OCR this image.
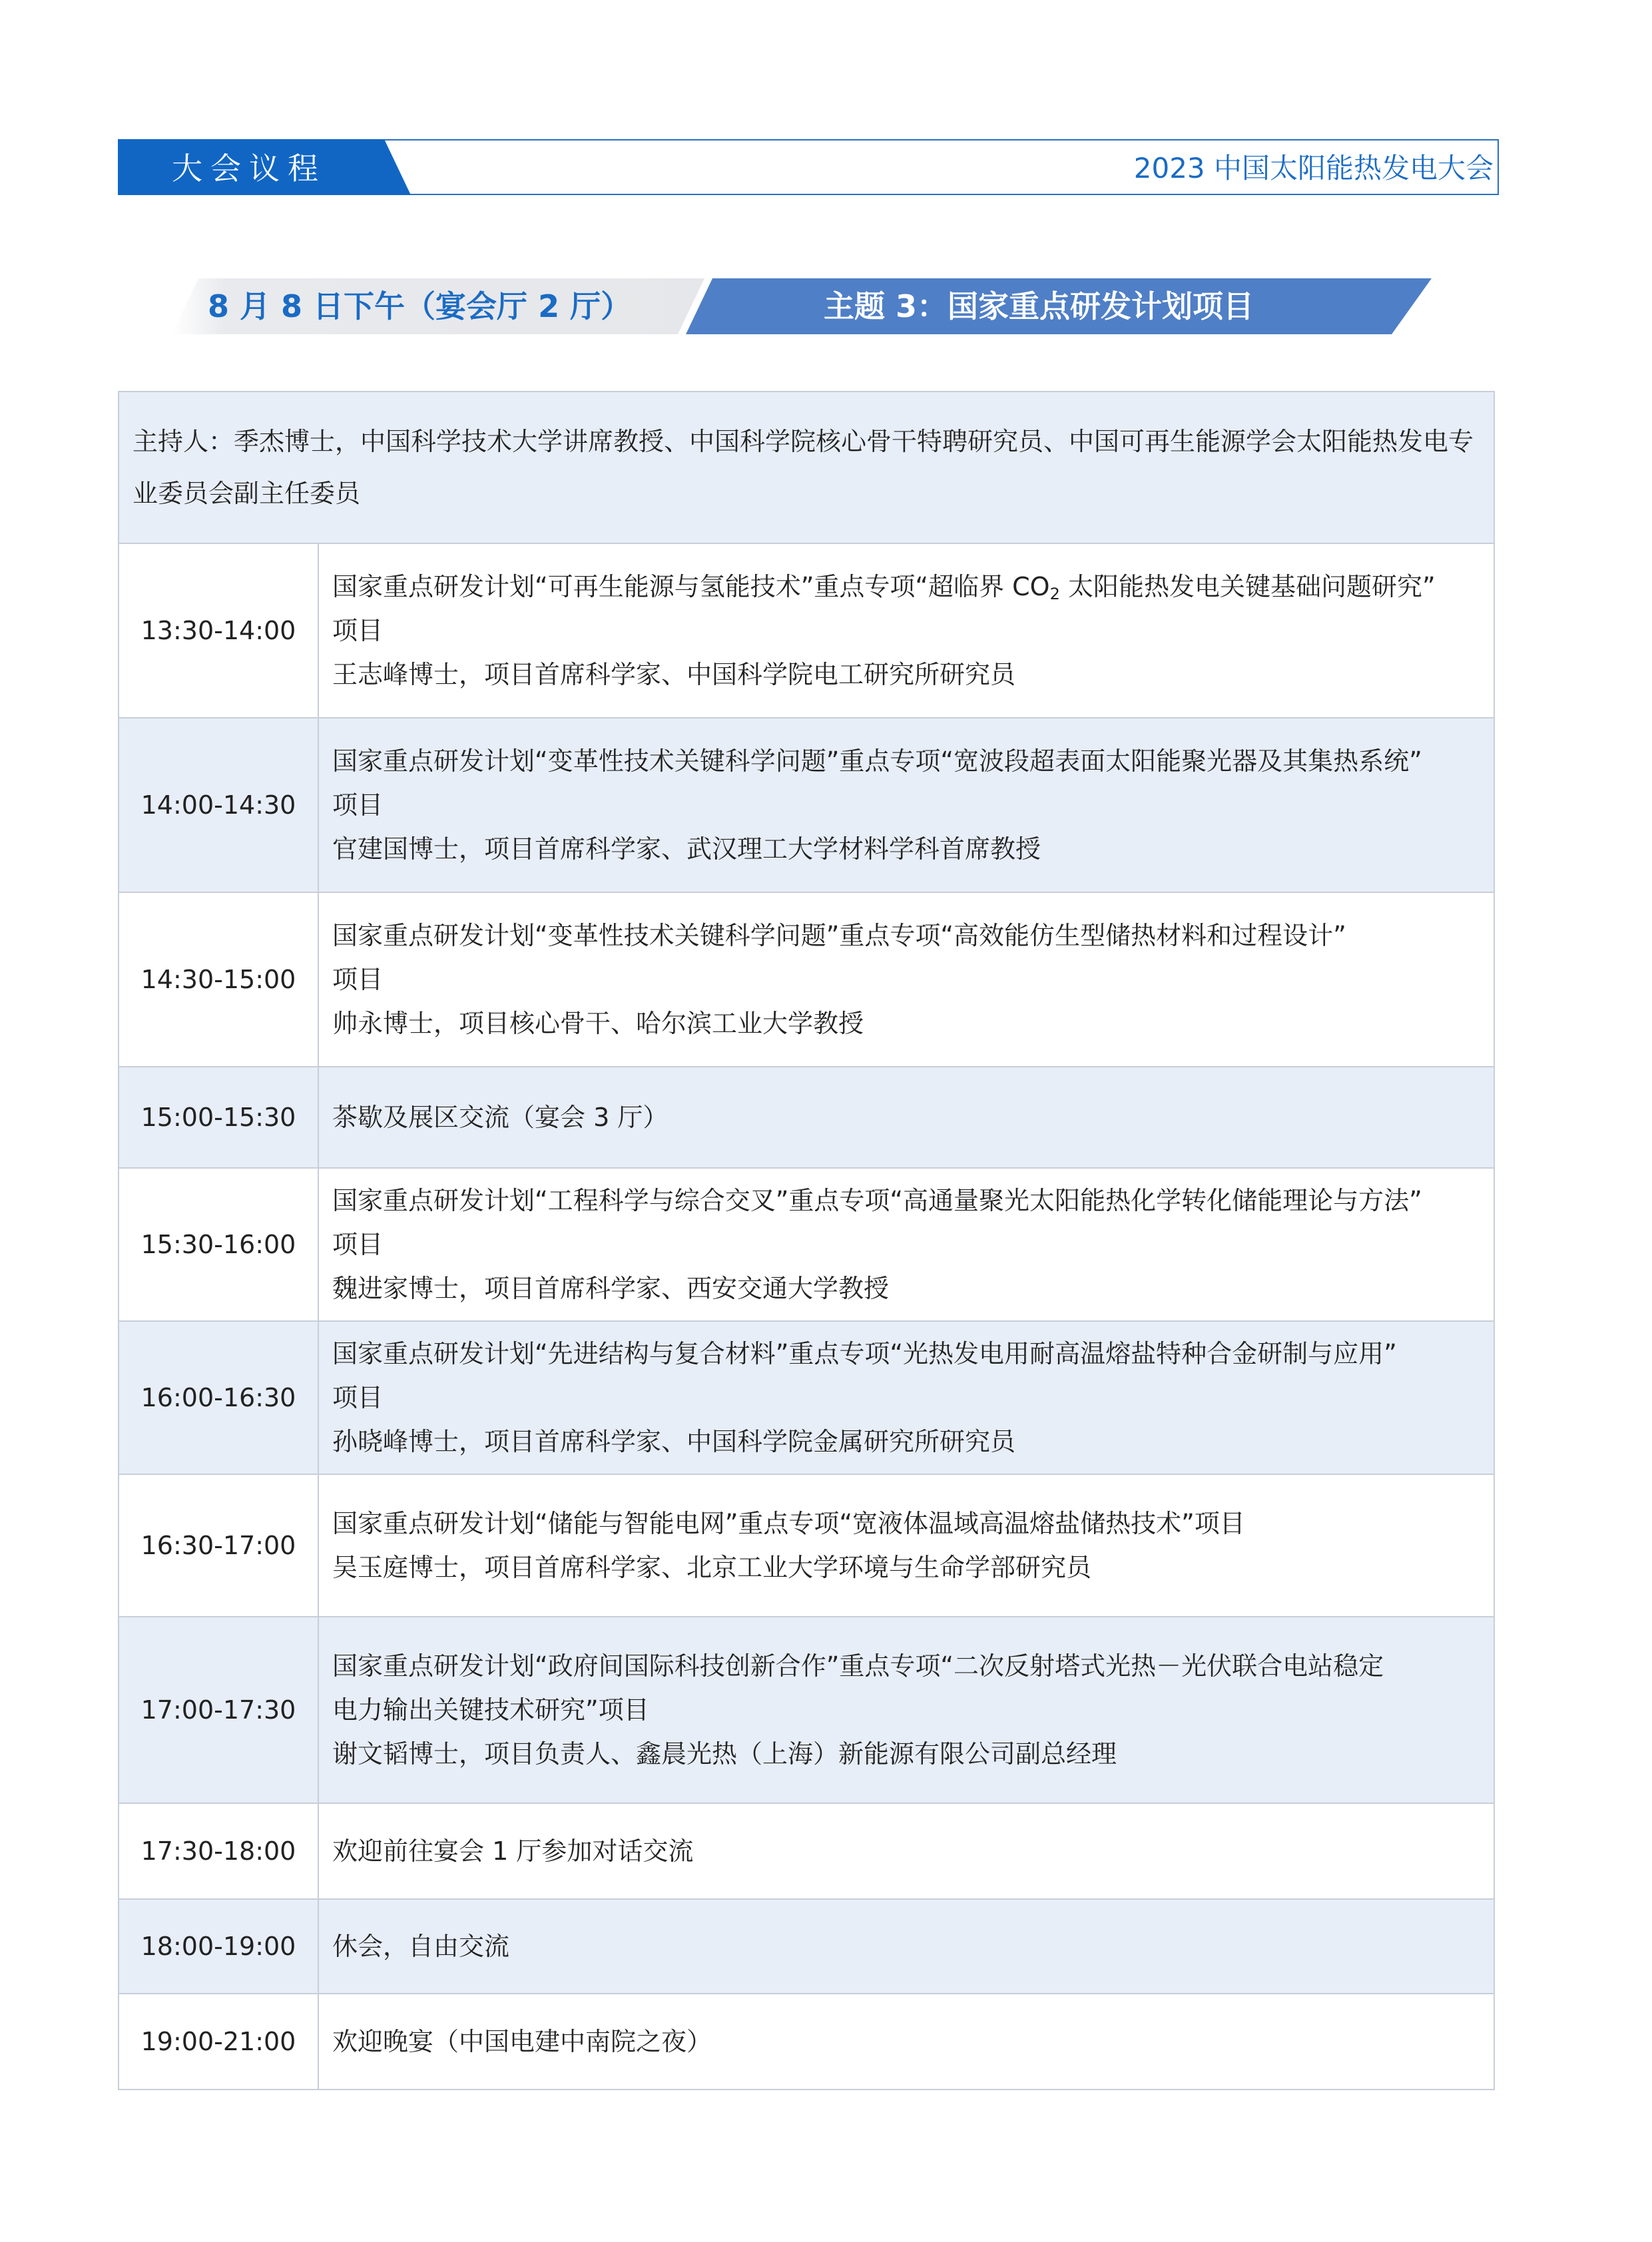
大会议程	2023 中国太阳能热发电大会
8 月 8 日下午（宴会厅 2 厅）	主题 3：国家重点研发计划项目
主持人：季杰博士，中国科学技术大学讲席教授、中国科学院核心骨干特聘研究员、中国可再生能源学会太阳能热发电专业委员会副主任委员	
13:30-14:00	国家重点研发计划“可再生能源与氢能技术”重点专项“超临界 $CO_2$ 太阳能热发电关键基础问题研究”
项目
王志峰博士，项目首席科学家、中国科学院电工研究所研究员

14:00-14:30	国家重点研发计划“变革性技术关键科学问题”重点专项“宽波段超表面太阳能聚光器及其集热系统”
项目
官建国博士，项目首席科学家、武汉理工大学材料学科首席教授

14:30-15:00	国家重点研发计划“变革性技术关键科学问题”重点专项“高效能仿生型储热材料和过程设计”
项目
帅永博士，项目核心骨干、哈尔滨工业大学教授

15:00-15:30	茶歇及展区交流（宴会 3 厅）

15:30-16:00	国家重点研发计划“工程科学与综合交叉”重点专项“高通量聚光太阳能热化学转化储能理论与方法”
项目
魏进家博士，项目首席科学家、西安交通大学教授

16:00-16:30	国家重点研发计划“先进结构与复合材料”重点专项“光热发电用耐高温熔盐特种合金研制与应用”
项目
孙晓峰博士，项目首席科学家、中国科学院金属研究所研究员

16:30-17:00	国家重点研发计划“储能与智能电网”重点专项“宽液体温域高温熔盐储热技术”项目
吴玉庭博士，项目首席科学家、北京工业大学环境与生命学部研究员

17:00-17:30	国家重点研发计划“政府间国际科技创新合作”重点专项“二次反射塔式光热－光伏联合电站稳定
电力输出关键技术研究”项目
谢文韬博士，项目负责人、鑫晨光热（上海）新能源有限公司副总经理

17:30-18:00	欢迎前往宴会 1 厅参加对话交流

18:00-19:00	休会，自由交流

19:00-21:00	欢迎晚宴（中国电建中南院之夜）
